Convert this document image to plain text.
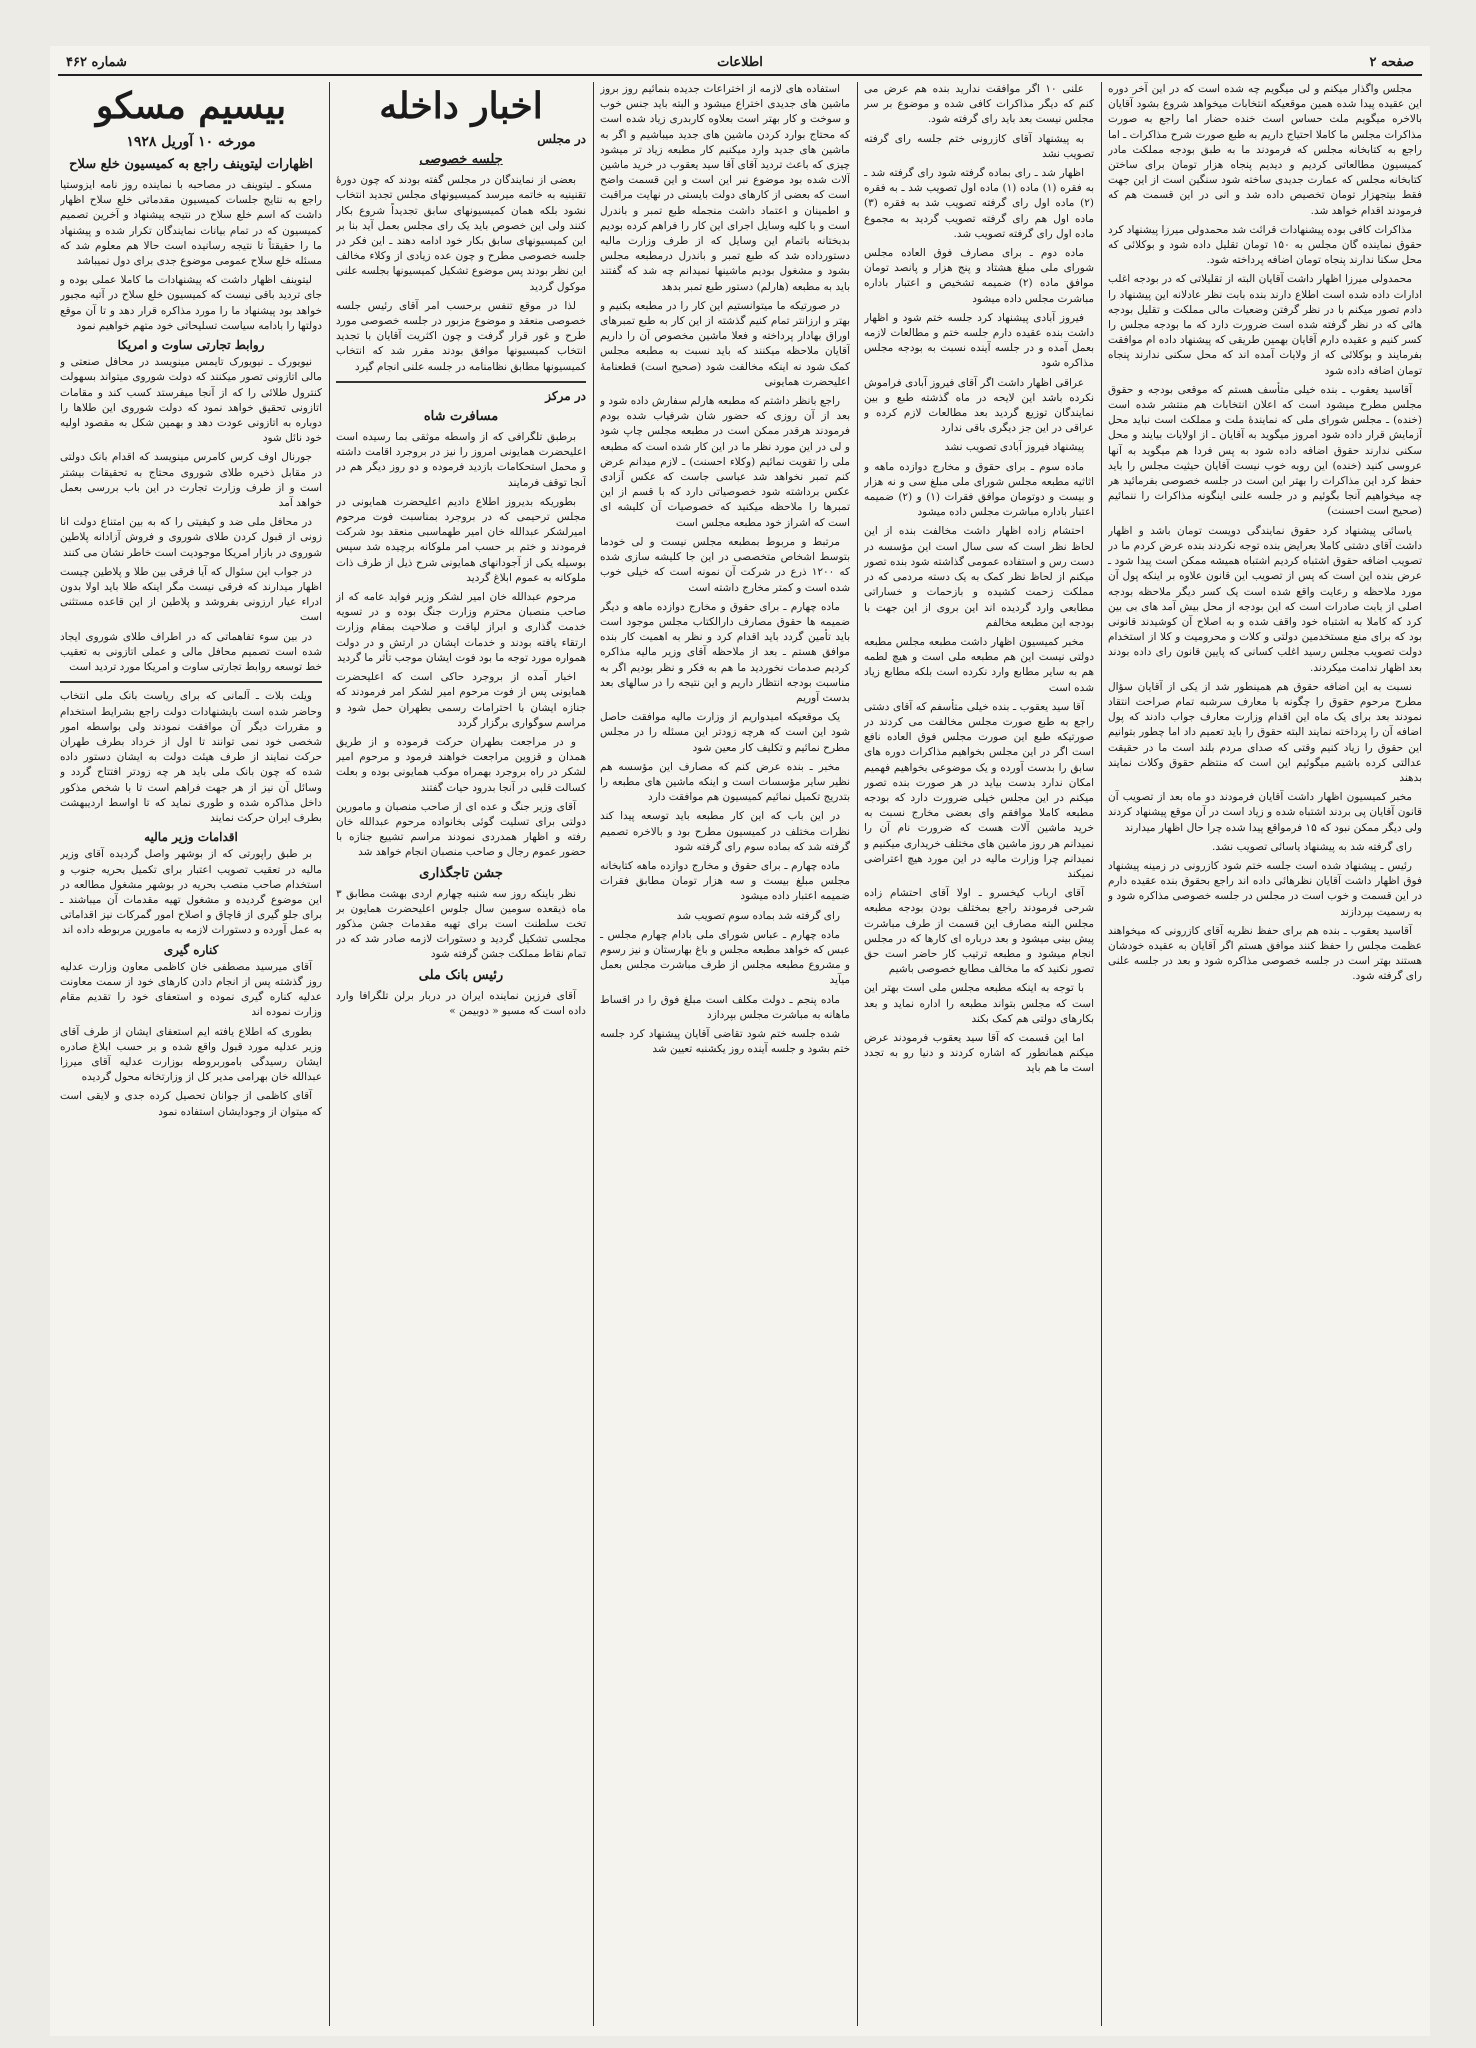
صفحه ۲
اطلاعات
شماره ۴۶۲

مجلس واگذار میکنم و لی میگویم چه شده است که در این آخر دوره این عقیده پیدا شده همین موقعیکه انتخابات میخواهد شروع بشود آقایان بالاخره میگویم ملت حساس است خنده حضار اما راجع به صورت مذاکرات مجلس ما کاملا احتیاج داریم به طبع صورت شرح مذاکرات ـ اما راجع به کتابخانه مجلس که فرمودند ما به طبق بودجه مملکت مادر کمیسیون مطالعاتی کردیم و دیدیم پنجاه هزار تومان برای ساختن کتابخانه مجلس که عمارت جدیدی ساخته شود سنگین است از این جهت فقط بیتجهزار تومان تخصیص داده شد و انی در این قسمت هم که فرمودند اقدام خواهد شد.

مذاکرات کافی بوده پیشنهادات قرائت شد محمدولی میرزا پیشنهاد کرد حقوق نماینده گان مجلس به ۱۵۰ تومان تقلیل داده شود و بوکلائی که محل سکنا ندارند پنجاه تومان اضافه پرداخته شود.

محمدولی میرزا اظهار داشت آقایان البته از تقلیلاتی که در بودجه اغلب ادارات داده شده است اطلاع دارند بنده بابت نظر عادلانه این پیشنهاد را دادم تصور میکنم با در نظر گرفتن وضعیات مالی مملکت و تقلیل بودجه هائی که در نظر گرفته شده است ضرورت دارد که ما بودجه مجلس را کسر کنیم و عقیده دارم آقایان بهمین طریقی که پیشنهاد داده ام موافقت بفرمایند و بوکلائی که از ولایات آمده اند که محل سکنی ندارند پنجاه تومان اضافه داده شود

آقاسید یعقوب ـ بنده خیلی متأسف هستم که موقعی بودجه و حقوق مجلس مطرح میشود است که اعلان انتخابات هم منتشر شده است (خنده) ـ مجلس شورای ملی که نمایندهٔ ملت و مملکت است نباید محل آزمایش قرار داده شود امروز میگوید به آقایان ـ از اولایات بیایند و محل سکنی ندارند حقوق اضافه داده شود به پس فردا هم میگوید به آنها عروسی کنید (خنده) این روبه خوب نیست آقایان حیثیت مجلس را باید حفظ کرد این مذاکرات را بهتر این است در جلسه خصوصی بفرمائید هر چه میخواهیم آنجا بگوئیم و در جلسه علنی اینگونه مذاکرات را ننمائیم (صحیح است احسنت)

یاسائی پیشنهاد کرد حقوق نمایندگی دویست تومان باشد و اظهار داشت آقای دشتی کاملا بعرایض بنده توجه نکردند بنده عرض کردم ما در تصویب اضافه حقوق اشتباه کردیم اشتباه همیشه ممکن است پیدا شود ـ عرض بنده این است که پس از تصویب این قانون علاوه بر اینکه پول آن مورد ملاحظه و رعایت واقع شده است یک کسر دیگر ملاحظه بودجه اصلی از بابت صادرات است که این بودجه از محل بیش آمد های بی بین کرد که کاملا به اشتباه خود واقف شده و به اصلاح آن کوشیدند قانونی بود که برای منع مستخدمین دولتی و کلات و محرومیت و کلا از استخدام دولت تصویب مجلس رسید اغلب کسانی که پایین قانون رای داده بودند بعد اظهار ندامت میکردند.

نسبت به این اضافه حقوق هم همینطور شد از یکی از آقایان سؤال مطرح مرحوم حقوق را چگونه با معارف سرشبه تمام صراحت انتقاد نمودند بعد برای یک ماه این اقدام وزارت معارف جواب دادند که پول اضافه آن را پرداخته نمایند البته حقوق را باید تعمیم داد اما چطور بتوانیم این حقوق را زیاد کنیم وقتی که صدای مردم بلند است ما در حقیقت عدالتی کرده باشیم میگوئیم این است که منتظم حقوق وکلات نمایند بدهند

مخبر کمیسیون اظهار داشت آقایان فرمودند دو ماه بعد از تصویب آن قانون آقایان پی بردند اشتباه شده و زیاد است در آن موقع پیشنهاد کردند ولی دیگر ممکن نبود که ۱۵ فرمواقع پیدا شده چرا حال اظهار میدارند

رای گرفته شد به پیشنهاد یاسائی تصویب نشد.

رئیس ـ پیشنهاد شده است جلسه ختم شود کازرونی در زمینه پیشنهاد فوق اظهار داشت آقایان نظرهائی داده اند راجع بحقوق بنده عقیده دارم در این قسمت و خوب است در مجلس در جلسه خصوصی مذاکره شود و به رسمیت بپردازند

آقاسید یعقوب ـ بنده هم برای حفظ نظریه آقای کازرونی که میخواهند عظمت مجلس را حفظ کنند موافق هستم اگر آقایان به عقیده خودشان هستند بهتر است در جلسه خصوصی مذاکره شود و بعد در جلسه علنی رای گرفته شود.

علنی ۱۰ اگر موافقت ندارید بنده هم عرض می کنم که دیگر مذاکرات کافی شده و موضوع بر سر مجلس نیست بعد باید رای گرفته شود.

به پیشنهاد آقای کازرونی ختم جلسه رای گرفته تصویب نشد

اظهار شد ـ رای بماده گرفته شود رای گرفته شد ـ به فقره (۱) ماده (۱) ماده اول تصویب شد ـ به فقره (۲) ماده اول رای گرفته تصویب شد به فقره (۳) ماده اول هم رای گرفته تصویب گردید به مجموع ماده اول رای گرفته تصویب شد.

ماده دوم ـ برای مصارف فوق العاده مجلس شورای ملی مبلغ هشتاد و پنج هزار و پانصد تومان موافق ماده (۲) ضمیمه تشخیص و اعتبار باداره مباشرت مجلس داده میشود

فیروز آبادی پیشنهاد کرد جلسه ختم شود و اظهار داشت بنده عقیده دارم جلسه ختم و مطالعات لازمه بعمل آمده و در جلسه آینده نسبت به بودجه مجلس مذاکره شود

عراقی اظهار داشت اگر آقای فیروز آبادی فراموش نکرده باشد این لایحه در ماه گذشته طبع و بین نمایندگان توزیع گردید بعد مطالعات لازم کرده و عراقی در این جز دیگری باقی ندارد

پیشنهاد فیروز آبادی تصویب نشد

ماده سوم ـ برای حقوق و مخارج دوازده ماهه و اثاثیه مطبعه مجلس شورای ملی مبلغ سی و نه هزار و بیست و دوتومان موافق فقرات (۱) و (۲) ضمیمه اعتبار باداره مباشرت مجلس داده میشود

احتشام زاده اظهار داشت مخالفت بنده از این لحاظ نظر است که سی سال است این مؤسسه در دست رس و استفاده عمومی گذاشته شود بنده تصور میکنم از لحاظ نظر کمک به یک دسته مردمی که در مملکت زحمت کشیده و بازحمات و خساراتی مطابعی وارد گردیده اند این بروی از این جهت با بودجه این مطبعه مخالفم

مخبر کمیسیون اظهار داشت مطبعه مجلس مطبعه دولتی نیست این هم مطبعه ملی است و هیچ لطمه هم به سایر مطابع وارد نکرده است بلکه مطابع زیاد شده است

آقا سید یعقوب ـ بنده خیلی متأسفم که آقای دشتی راجع به طبع صورت مجلس مخالفت می کردند در صورتیکه طبع این صورت مجلس فوق العاده نافع است اگر در این مجلس بخواهیم مذاکرات دوره های سابق را بدست آورده و یک موضوعی بخواهیم فهمیم امکان ندارد بدست بیاید در هر صورت بنده تصور میکنم در این مجلس خیلی ضرورت دارد که بودجه مطبعه کاملا موافقم وای بعضی مخارج نسبت به خرید ماشین آلات هست که ضرورت نام آن را نمیدانم هر روز ماشین های مختلف خریداری میکنیم و نمیدانم چرا وزارت مالیه در این مورد هیچ اعتراضی نمیکند

آقای ارباب کیخسرو ـ اولا آقای احتشام زاده شرحی فرمودند راجع بمختلف بودن بودجه مطبعه مجلس البته مصارف این قسمت از طرف مباشرت پیش بینی میشود و بعد درباره ای کارها که در مجلس انجام میشود و مطبعه ترتیب کار حاضر است حق تصور نکنید که ما مخالف مطابع خصوصی باشیم

با توجه به اینکه مطبعه مجلس ملی است بهتر این است که مجلس بتواند مطبعه را اداره نماید و بعد بکارهای دولتی هم کمک بکند

اما این قسمت که آقا سید یعقوب فرمودند عرض میکنم همانطور که اشاره کردند و دنیا رو به تجدد است ما هم باید

استفاده های لازمه از اختراعات جدیده بنمائیم روز بروز ماشین های جدیدی اختراع میشود و البته باید جنس خوب و سوخت و کار بهتر است بعلاوه کاربدری زیاد شده است که محتاج بوارد کردن ماشین های جدید میباشیم و اگر به ماشین های جدید وارد میکنیم کار مطبعه زیاد تر میشود چیزی که باعث تردید آقای آقا سید یعقوب در خرید ماشین آلات شده بود موضوع نبر این است و این قسمت واضح است که بعضی از کارهای دولت بایستی در نهایت مراقبت و اطمینان و اعتماد داشت منجمله طبع تمبر و باندرل است و با کلیه وسایل اجرای این کار را فراهم کرده بودیم بدبختانه باتمام این وسایل که از طرف وزارت مالیه دستورداده شد که طبع تمبر و باندرل درمطبعه مجلس بشود و مشغول بودیم ماشینها نمیدانم چه شد که گفتند باید به مطبعه (هارلم) دستور طبع تمبر بدهد

در صورتیکه ما میتوانستیم این کار را در مطبعه بکنیم و بهتر و ارزانتر تمام کنیم گذشته از این کار به طبع تمبرهای اوراق بهادار پرداخته و فعلا ماشین مخصوص آن را داریم آقایان ملاحظه میکنند که باید نسبت به مطبعه مجلس کمک شود نه اینکه مخالفت شود (صحیح است) قطعنامهٔ اعلیحضرت همایونی

راجع بانظر داشتم که مطبعه هارلم سفارش داده شود و بعد از آن روزی که حضور شان شرفیاب شده بودم فرمودند هرقدر ممکن است در مطبعه مجلس چاپ شود و لی در این مورد نظر ما در این کار شده است که مطبعه ملی را تقویت نمائیم (وکلاء احسنت) ـ لازم میدانم عرض کنم تمبر نخواهد شد عباسی جاست که عکس آزادی عکس برداشته شود خصوصیاتی دارد که با قسم از این تمبرها را ملاحظه میکنید که خصوصیات آن کلیشه ای است که اشراز خود مطبعه مجلس است

مرتبط و مربوط بمطبعه مجلس نیست و لی خودما بتوسط اشخاص متخصصی در این جا کلیشه سازی شده که ۱۲۰۰ ذرع در شرکت آن نمونه است که خیلی خوب شده است و کمتر مخارج داشته است

ماده چهارم ـ برای حقوق و مخارج دوازده ماهه و دیگر ضمیمه ها حقوق مصارف دارالکتاب مجلس موجود است باید تأمین گردد باید اقدام کرد و نظر به اهمیت کار بنده موافق هستم ـ بعد از ملاحظه آقای وزیر مالیه مذاکره کردیم صدمات نخوردید ما هم به فکر و نظر بودیم اگر به مناسبت بودجه انتظار داریم و این نتیجه را در سالهای بعد بدست آوریم

یک موقعیکه امیدواریم از وزارت مالیه موافقت حاصل شود این است که هرچه زودتر این مسئله را در مجلس مطرح نمائیم و تکلیف کار معین شود

مخبر ـ بنده عرض کنم که مصارف این مؤسسه هم نظیر سایر مؤسسات است و اینکه ماشین های مطبعه را بتدریج تکمیل نمائیم کمیسیون هم موافقت دارد

در این باب که این کار مطبعه باید توسعه پیدا کند نظرات مختلف در کمیسیون مطرح بود و بالاخره تصمیم گرفته شد که بماده سوم رای گرفته شود

ماده چهارم ـ برای حقوق و مخارج دوازده ماهه کتابخانه مجلس مبلغ بیست و سه هزار تومان مطابق فقرات ضمیمه اعتبار داده میشود

رای گرفته شد بماده سوم تصویب شد

ماده چهارم ـ عباس شورای ملی بادام چهارم مجلس ـ عبس که خواهد مطبعه مجلس و باغ بهارستان و نیز رسوم و مشروع مطبعه مجلس از طرف مباشرت مجلس بعمل میآید

ماده پنجم ـ دولت مکلف است مبلغ فوق را در اقساط ماهانه به مباشرت مجلس بپردازد

شده جلسه ختم شود تقاضی آقایان پیشنهاد کرد جلسه ختم بشود و جلسه آینده روز یکشنبه تعیین شد

اخبار داخله
در مجلس
جلسه خصوصی

بعضی از نمایندگان در مجلس گفته بودند که چون دورهٔ تقنینیه به خاتمه میرسد کمیسیونهای مجلس تجدید انتخاب نشود بلکه همان کمیسیونهای سابق تجدیداً شروع بکار کنند ولی این خصوص باید یک رای مجلس بعمل آید بنا بر این کمیسیونهای سابق بکار خود ادامه دهند ـ این فکر در جلسه خصوصی مطرح و چون عده زیادی از وکلاء مخالف این نظر بودند پس موضوع تشکیل کمیسیونها بجلسه علنی موکول گردید

لذا در موقع تنفس برحسب امر آقای رئیس جلسه خصوصی منعقد و موضوع مزبور در جلسه خصوصی مورد طرح و غور قرار گرفت و چون اکثریت آقایان با تجدید انتخاب کمیسیونها موافق بودند مقرر شد که انتخاب کمیسیونها مطابق نظامنامه در جلسه علنی انجام گیرد

در مرکز
مسافرت شاه

برطبق تلگرافی که از واسطه موثقی بما رسیده است اعلیحضرت همایونی امروز را نیز در بروجرد اقامت داشته و محمل استحکامات بازدید فرموده و دو روز دیگر هم در آنجا توقف فرمایند

بطوریکه بدیروز اطلاع دادیم اعلیحضرت همایونی در مجلس ترحیمی که در بروجرد بمناسبت فوت مرحوم امیرلشکر عبدالله خان امیر طهماسبی منعقد بود شرکت فرمودند و ختم بر حسب امر ملوکانه برچیده شد سپس بوسیله یکی از آجودانهای همایونی شرح ذیل از طرف ذات ملوکانه به عموم ابلاغ گردید

مرحوم عبدالله خان امیر لشکر وزیر فواید عامه که از صاحب منصبان محترم وزارت جنگ بوده و در تسویه خدمت گذاری و ابراز لیاقت و صلاحیت بمقام وزارت ارتقاء یافته بودند و خدمات ایشان در ارتش و در دولت همواره مورد توجه ما بود فوت ایشان موجب تأثر ما گردید

اخبار آمده از بروجرد حاکی است که اعلیحضرت همایونی پس از فوت مرحوم امیر لشکر امر فرمودند که جنازه ایشان با احترامات رسمی بطهران حمل شود و مراسم سوگواری برگزار گردد

و در مراجعت بطهران حرکت فرموده و از طریق همدان و قزوین مراجعت خواهند فرمود و مرحوم امیر لشکر در راه بروجرد بهمراه موکب همایونی بوده و بعلت کسالت قلبی در آنجا بدرود حیات گفتند

آقای وزیر جنگ و عده ای از صاحب منصبان و مامورین دولتی برای تسلیت گوئی بخانواده مرحوم عبدالله خان رفته و اظهار همدردی نمودند مراسم تشییع جنازه با حضور عموم رجال و صاحب منصبان انجام خواهد شد

جشن تاجگذاری

نظر باینکه روز سه شنبه چهارم اردی بهشت مطابق ۳ ماه ذیقعده سومین سال جلوس اعلیحضرت همایون بر تخت سلطنت است برای تهیه مقدمات جشن مذکور مجلسی تشکیل گردید و دستورات لازمه صادر شد که در تمام نقاط مملکت جشن گرفته شود

رئیس بانک ملی

آقای فرزین نماینده ایران در دربار برلن تلگرافا وارد داده است که مسیو « دوبیمن »

بیسیم مسکو
مورخه ۱۰ آوریل ۱۹۲۸
اظهارات لیتوینف راجع به کمیسیون خلع سلاح

مسکو ـ لیتوینف در مصاحبه با نماینده روز نامه ایزوستیا راجع به نتایج جلسات کمیسیون مقدماتی خلع سلاح اظهار داشت که اسم خلع سلاح در نتیجه پیشنهاد و آخرین تصمیم کمیسیون که در تمام بیانات نمایندگان تکرار شده و پیشنهاد ما را حقیقتاً تا نتیجه رسانیده است حالا هم معلوم شد که مسئله خلع سلاح عمومی موضوع جدی برای دول نمیباشد

لیتوینف اظهار داشت که پیشنهادات ما کاملا عملی بوده و جای تردید باقی نیست که کمیسیون خلع سلاح در آتیه مجبور خواهد بود پیشنهاد ما را مورد مذاکره قرار دهد و تا آن موقع دولتها را بادامه سیاست تسلیحاتی خود متهم خواهیم نمود

روابط تجارتی ساوت و امریکا

نیویورک ـ نیویورک تایمس مینویسد در محافل صنعتی و مالی اتازونی تصور میکنند که دولت شوروی میتواند بسهولت کنترول طلائی را که از آنجا میفرستد کسب کند و مقامات اتازونی تحقیق خواهد نمود که دولت شوروی این طلاها را دوباره به اتازونی عودت دهد و بهمین شکل به مقصود اولیه خود نائل شود

جورنال اوف کرس کامرس مینویسد که اقدام بانک دولتی در مقابل ذخیره طلای شوروی محتاج به تحقیقات بیشتر است و از طرف وزارت تجارت در این باب بررسی بعمل خواهد آمد

در محافل ملی ضد و کیفیتی را که به بین امتناع دولت انا زونی از قبول کردن طلای شوروی و فروش آزادانه پلاطین شوروی در بازار امریکا موجودیت است خاطر نشان می کنند

در جواب این سئوال که آیا فرقی بین طلا و پلاطین چیست اظهار میدارند که فرقی نیست مگر اینکه طلا باید اولا بدون ادراء عیار ارزونی بفروشد و پلاطین از این قاعده مستثنی است

در بین سوء تفاهماتی که در اطراف طلای شوروی ایجاد شده است تصمیم محافل مالی و عملی اتازونی به تعقیب خط توسعه روابط تجارتی ساوت و امریکا مورد تردید است

ویلت بلات ـ آلمانی که برای ریاست بانک ملی انتخاب وحاضر شده است بایشنهادات دولت راجع بشرایط استخدام و مقررات دیگر آن موافقت نمودند ولی بواسطه امور شخصی خود نمی توانند تا اول از خرداد بطرف طهران حرکت نمایند از طرف هیئت دولت به ایشان دستور داده شده که چون بانک ملی باید هر چه زودتر افتتاح گردد و وسائل آن نیز از هر جهت فراهم است تا با شخص مذکور داخل مذاکره شده و طوری نماید که تا اواسط اردیبهشت بطرف ایران حرکت نمایند

اقدامات وزیر مالیه

بر طبق راپورتی که از بوشهر واصل گردیده آقای وزیر مالیه در تعقیب تصویب اعتبار برای تکمیل بحریه جنوب و استخدام صاحب منصب بحریه در بوشهر مشغول مطالعه در این موضوع گردیده و مشغول تهیه مقدمات آن میباشند ـ برای جلو گیری از قاچاق و اصلاح امور گمرکات نیز اقداماتی به عمل آورده و دستورات لازمه به مامورین مربوطه داده اند

کناره گیری

آقای میرسید مصطفی خان کاظمی معاون وزارت عدلیه روز گذشته پس از انجام دادن کارهای خود از سمت معاونت عدلیه کناره گیری نموده و استعفای خود را تقدیم مقام وزارت نموده اند

بطوری که اطلاع یافته ایم استعفای ایشان از طرف آقای وزیر عدلیه مورد قبول واقع شده و بر حسب ابلاغ صادره ایشان رسیدگی باموربروطه بوزارت عدلیه آقای میرزا عبدالله خان بهرامی مدیر کل از وزارتخانه محول گردیده

آقای کاظمی از جوانان تحصیل کرده جدی و لایقی است که میتوان از وجودایشان استفاده نمود
